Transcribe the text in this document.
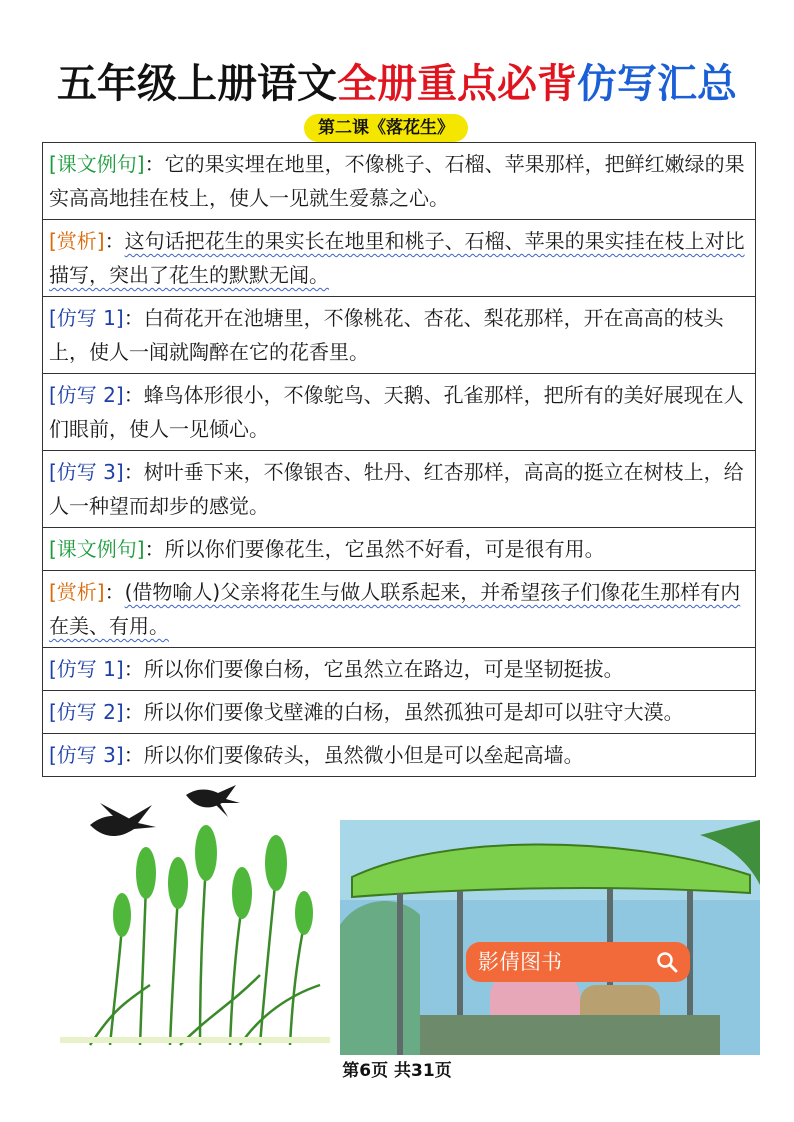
五年级上册语文全册重点必背仿写汇总
第二课《落花生》
[课文例句]：它的果实埋在地里，不像桃子、石榴、苹果那样，把鲜红嫩绿的果实高高地挂在枝上，使人一见就生爱慕之心。
[赏析]：这句话把花生的果实长在地里和桃子、石榴、苹果的果实挂在枝上对比描写，突出了花生的默默无闻。
[仿写 1]：白荷花开在池塘里，不像桃花、杏花、梨花那样，开在高高的枝头上，使人一闻就陶醉在它的花香里。
[仿写 2]：蜂鸟体形很小，不像鸵鸟、天鹅、孔雀那样，把所有的美好展现在人们眼前，使人一见倾心。
[仿写 3]：树叶垂下来，不像银杏、牡丹、红杏那样，高高的挺立在树枝上，给人一种望而却步的感觉。
[课文例句]：所以你们要像花生，它虽然不好看，可是很有用。
[赏析]：(借物喻人)父亲将花生与做人联系起来，并希望孩子们像花生那样有内在美、有用。
[仿写 1]：所以你们要像白杨，它虽然立在路边，可是坚韧挺拔。
[仿写 2]：所以你们要像戈壁滩的白杨，虽然孤独可是却可以驻守大漠。
[仿写 3]：所以你们要像砖头，虽然微小但是可以垒起高墙。
影倩图书
第6页 共31页
